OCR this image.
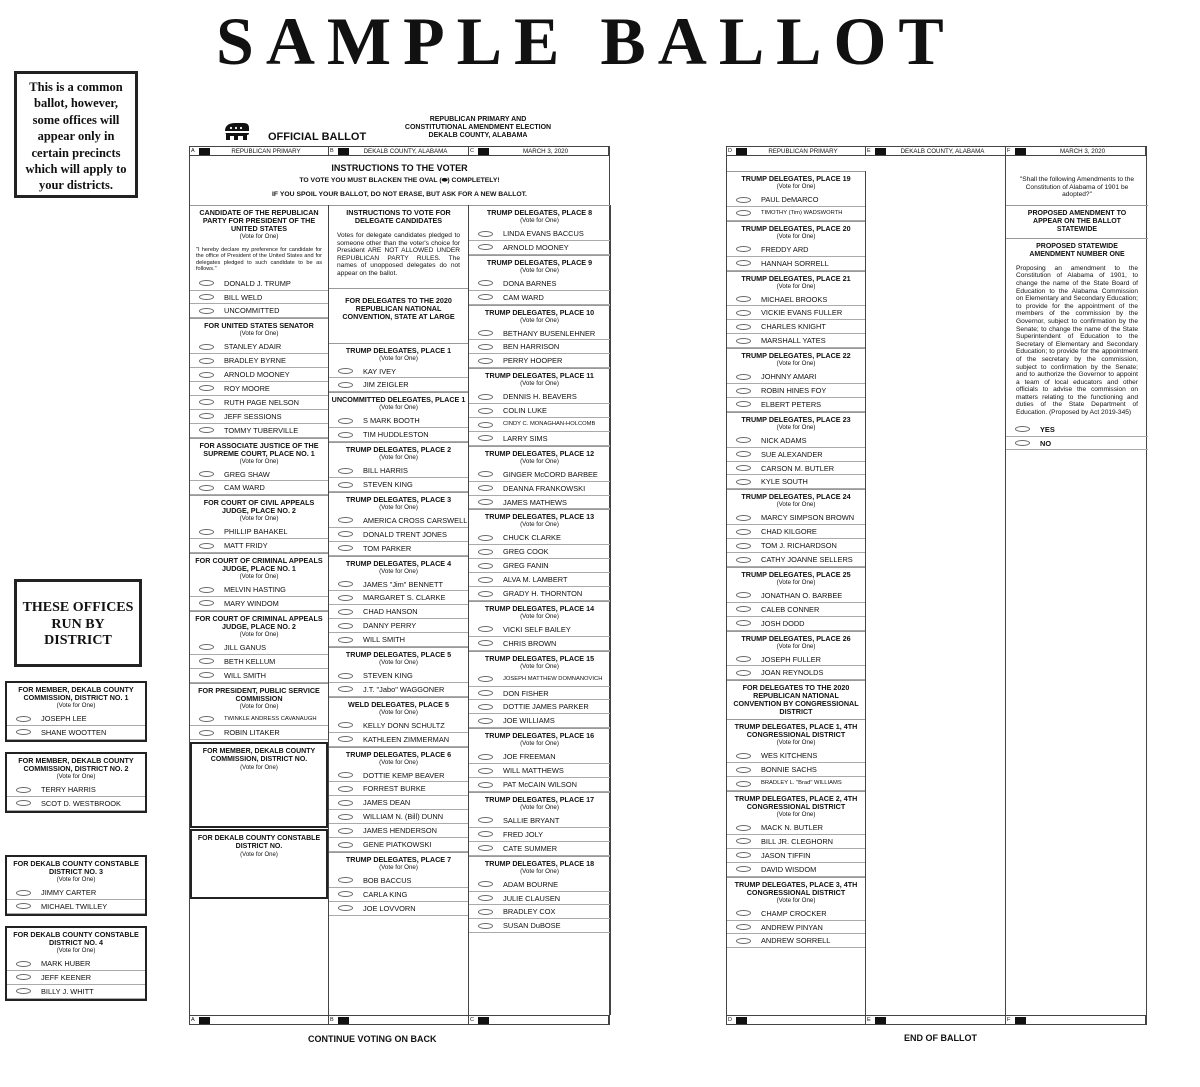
SAMPLE BALLOT
This is a common ballot, however, some offices will appear only in certain precincts which will apply to your districts.
THESE OFFICES RUN BY DISTRICT
OFFICIAL BALLOT
REPUBLICAN PRIMARY AND
CONSTITUTIONAL AMENDMENT ELECTION
DEKALB COUNTY, ALABAMA
A	REPUBLICAN PRIMARY	B	DEKALB COUNTY, ALABAMA	C	MARCH 3, 2020
INSTRUCTIONS TO THE VOTER
TO VOTE YOU MUST BLACKEN THE OVAL (⬬) COMPLETELY!
IF YOU SPOIL YOUR BALLOT, DO NOT ERASE, BUT ASK FOR A NEW BALLOT.
CANDIDATE OF THE REPUBLICAN PARTY FOR PRESIDENT OF THE UNITED STATES
(Vote for One)
"I hereby declare my preference for candidate for the office of President of the United States and for delegates pledged to such candidate to be as follows."
DONALD J. TRUMP
BILL WELD
UNCOMMITTED
FOR UNITED STATES SENATOR
(Vote for One)
STANLEY ADAIR
BRADLEY BYRNE
ARNOLD MOONEY
ROY MOORE
RUTH PAGE NELSON
JEFF SESSIONS
TOMMY TUBERVILLE
FOR ASSOCIATE JUSTICE OF THE SUPREME COURT, PLACE NO. 1
(Vote for One)
GREG SHAW
CAM WARD
FOR COURT OF CIVIL APPEALS JUDGE, PLACE NO. 2
(Vote for One)
PHILLIP BAHAKEL
MATT FRIDY
FOR COURT OF CRIMINAL APPEALS JUDGE, PLACE NO. 1
(Vote for One)
MELVIN HASTING
MARY WINDOM
FOR COURT OF CRIMINAL APPEALS JUDGE, PLACE NO. 2
(Vote for One)
JILL GANUS
BETH KELLUM
WILL SMITH
FOR PRESIDENT, PUBLIC SERVICE COMMISSION
(Vote for One)
TWINKLE ANDRESS CAVANAUGH
ROBIN LITAKER
FOR MEMBER, DEKALB COUNTY COMMISSION, DISTRICT NO.
(Vote for One)
FOR DEKALB COUNTY CONSTABLE DISTRICT NO.
(Vote for One)
INSTRUCTIONS TO VOTE FOR DELEGATE CANDIDATES
Votes for delegate candidates pledged to someone other than the voter's choice for President ARE NOT ALLOWED UNDER REPUBLICAN PARTY RULES. The names of unopposed delegates do not appear on the ballot.
FOR DELEGATES TO THE 2020 REPUBLICAN NATIONAL CONVENTION, STATE AT LARGE
TRUMP DELEGATES, PLACE 1
(Vote for One)
KAY IVEY
JIM ZEIGLER
UNCOMMITTED DELEGATES, PLACE 1
(Vote for One)
S MARK BOOTH
TIM HUDDLESTON
TRUMP DELEGATES, PLACE 2
(Vote for One)
BILL HARRIS
STEVEN KING
TRUMP DELEGATES, PLACE 3
(Vote for One)
AMERICA CROSS CARSWELL
DONALD TRENT JONES
TOM PARKER
TRUMP DELEGATES, PLACE 4
(Vote for One)
JAMES "Jim" BENNETT
MARGARET S. CLARKE
CHAD HANSON
DANNY PERRY
WILL SMITH
TRUMP DELEGATES, PLACE 5
(Vote for One)
STEVEN KING
J.T. "Jabo" WAGGONER
WELD DELEGATES, PLACE 5
(Vote for One)
KELLY DONN SCHULTZ
KATHLEEN ZIMMERMAN
TRUMP DELEGATES, PLACE 6
(Vote for One)
DOTTIE KEMP BEAVER
FORREST BURKE
JAMES DEAN
WILLIAM N. (Bill) DUNN
JAMES HENDERSON
GENE PIATKOWSKI
TRUMP DELEGATES, PLACE 7
(Vote for One)
BOB BACCUS
CARLA KING
JOE LOVVORN
TRUMP DELEGATES, PLACE 8
(Vote for One)
LINDA EVANS BACCUS
ARNOLD MOONEY
TRUMP DELEGATES, PLACE 9
(Vote for One)
DONA BARNES
CAM WARD
TRUMP DELEGATES, PLACE 10
(Vote for One)
BETHANY BUSENLEHNER
BEN HARRISON
PERRY HOOPER
TRUMP DELEGATES, PLACE 11
(Vote for One)
DENNIS H. BEAVERS
COLIN LUKE
CINDY C. MONAGHAN-HOLCOMB
LARRY SIMS
TRUMP DELEGATES, PLACE 12
(Vote for One)
GINGER McCORD BARBEE
DEANNA FRANKOWSKI
JAMES MATHEWS
TRUMP DELEGATES, PLACE 13
(Vote for One)
CHUCK CLARKE
GREG COOK
GREG FANIN
ALVA M. LAMBERT
GRADY H. THORNTON
TRUMP DELEGATES, PLACE 14
(Vote for One)
VICKI SELF BAILEY
CHRIS BROWN
TRUMP DELEGATES, PLACE 15
(Vote for One)
JOSEPH MATTHEW DOMNANOVICH
DON FISHER
DOTTIE JAMES PARKER
JOE WILLIAMS
TRUMP DELEGATES, PLACE 16
(Vote for One)
JOE FREEMAN
WILL MATTHEWS
PAT McCAIN WILSON
TRUMP DELEGATES, PLACE 17
(Vote for One)
SALLIE BRYANT
FRED JOLY
CATE SUMMER
TRUMP DELEGATES, PLACE 18
(Vote for One)
ADAM BOURNE
JULIE CLAUSEN
BRADLEY COX
SUSAN DuBOSE
A	B	C
D	REPUBLICAN PRIMARY	E	DEKALB COUNTY, ALABAMA	F	MARCH 3, 2020
TRUMP DELEGATES, PLACE 19
(Vote for One)
PAUL DeMARCO
TIMOTHY (Tim) WADSWORTH
TRUMP DELEGATES, PLACE 20
(Vote for One)
FREDDY ARD
HANNAH SORRELL
TRUMP DELEGATES, PLACE 21
(Vote for One)
MICHAEL BROOKS
VICKIE EVANS FULLER
CHARLES KNIGHT
MARSHALL YATES
TRUMP DELEGATES, PLACE 22
(Vote for One)
JOHNNY AMARI
ROBIN HINES FOY
ELBERT PETERS
TRUMP DELEGATES, PLACE 23
(Vote for One)
NICK ADAMS
SUE ALEXANDER
CARSON M. BUTLER
KYLE SOUTH
TRUMP DELEGATES, PLACE 24
(Vote for One)
MARCY SIMPSON BROWN
CHAD KILGORE
TOM J. RICHARDSON
CATHY JOANNE SELLERS
TRUMP DELEGATES, PLACE 25
(Vote for One)
JONATHAN O. BARBEE
CALEB CONNER
JOSH DODD
TRUMP DELEGATES, PLACE 26
(Vote for One)
JOSEPH FULLER
JOAN REYNOLDS
FOR DELEGATES TO THE 2020 REPUBLICAN NATIONAL CONVENTION BY CONGRESSIONAL DISTRICT
TRUMP DELEGATES, PLACE 1, 4TH CONGRESSIONAL DISTRICT
(Vote for One)
WES KITCHENS
BONNIE SACHS
BRADLEY L. "Brad" WILLIAMS
TRUMP DELEGATES, PLACE 2, 4TH CONGRESSIONAL DISTRICT
(Vote for One)
MACK N. BUTLER
BILL JR. CLEGHORN
JASON TIFFIN
DAVID WISDOM
TRUMP DELEGATES, PLACE 3, 4TH CONGRESSIONAL DISTRICT
(Vote for One)
CHAMP CROCKER
ANDREW PINYAN
ANDREW SORRELL
"Shall the following Amendments to the Constitution of Alabama of 1901 be adopted?"
PROPOSED AMENDMENT TO APPEAR ON THE BALLOT STATEWIDE
PROPOSED STATEWIDE AMENDMENT NUMBER ONE
Proposing an amendment to the Constitution of Alabama of 1901, to change the name of the State Board of Education to the Alabama Commission on Elementary and Secondary Education; to provide for the appointment of the members of the commission by the Governor, subject to confirmation by the Senate; to change the name of the State Superintendent of Education to the Secretary of Elementary and Secondary Education; to provide for the appointment of the secretary by the commission, subject to confirmation by the Senate; and to authorize the Governor to appoint a team of local educators and other officials to advise the commission on matters relating to the functioning and duties of the State Department of Education. (Proposed by Act 2019-345)
YES
NO
D	E	F
FOR MEMBER, DEKALB COUNTY COMMISSION, DISTRICT NO. 1
(Vote for One)
JOSEPH LEE
SHANE WOOTTEN
FOR MEMBER, DEKALB COUNTY COMMISSION, DISTRICT NO. 2
(Vote for One)
TERRY HARRIS
SCOT D. WESTBROOK
FOR DEKALB COUNTY CONSTABLE DISTRICT NO. 3
(Vote for One)
JIMMY CARTER
MICHAEL TWILLEY
FOR DEKALB COUNTY CONSTABLE DISTRICT NO. 4
(Vote for One)
MARK HUBER
JEFF KEENER
BILLY J. WHITT
CONTINUE VOTING ON BACK	END OF BALLOT
